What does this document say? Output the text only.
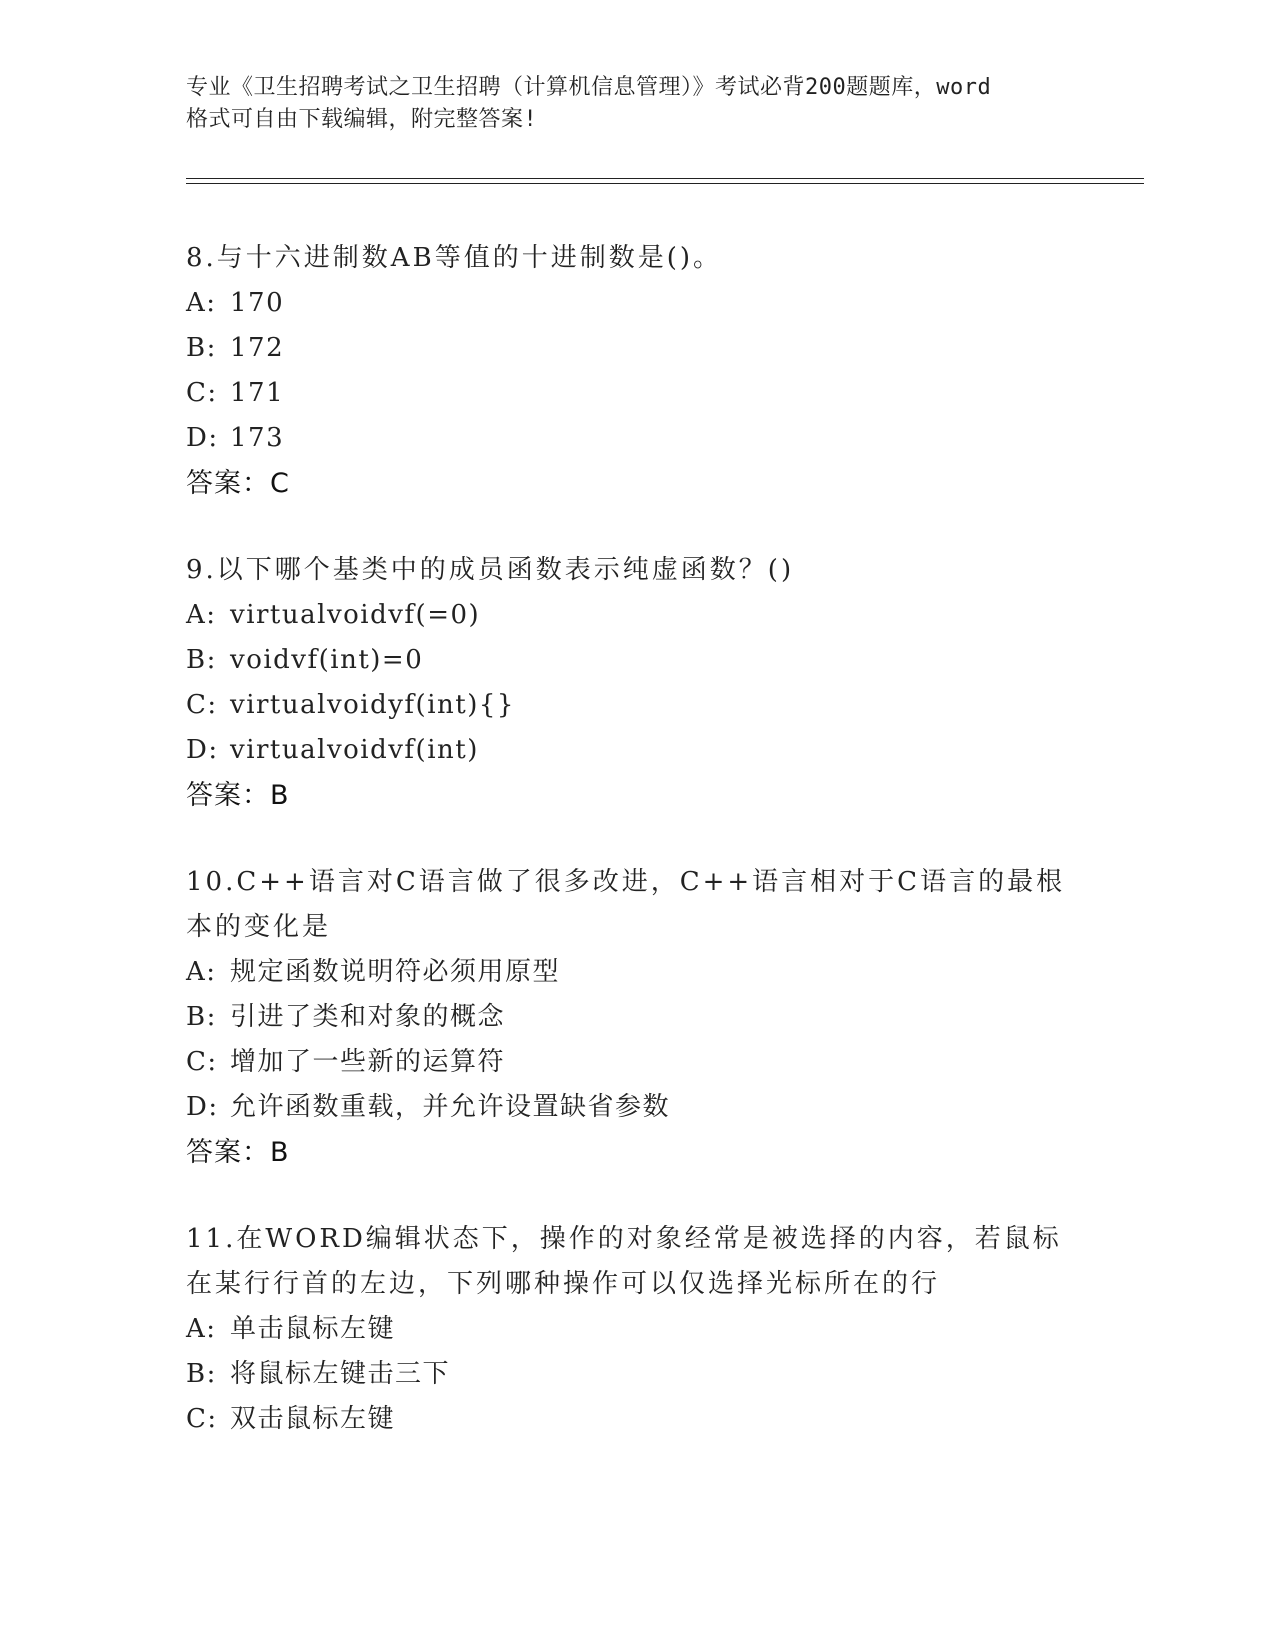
专业《卫生招聘考试之卫生招聘（计算机信息管理）》考试必背200题题库，word
格式可自由下载编辑，附完整答案!
8.与十六进制数AB等值的十进制数是()。
A: 170
B: 172
C: 171
D: 173
答案：C
9.以下哪个基类中的成员函数表示纯虚函数？()
A: virtualvoidvf(=0)
B: voidvf(int)=0
C: virtualvoidyf(int){}
D: virtualvoidvf(int)
答案：B
10.C++语言对C语言做了很多改进，C++语言相对于C语言的最根本的变化是
A: 规定函数说明符必须用原型
B: 引进了类和对象的概念
C: 增加了一些新的运算符
D: 允许函数重载，并允许设置缺省参数
答案：B
11.在WORD编辑状态下，操作的对象经常是被选择的内容，若鼠标在某行行首的左边，下列哪种操作可以仅选择光标所在的行
A: 单击鼠标左键
B: 将鼠标左键击三下
C: 双击鼠标左键
